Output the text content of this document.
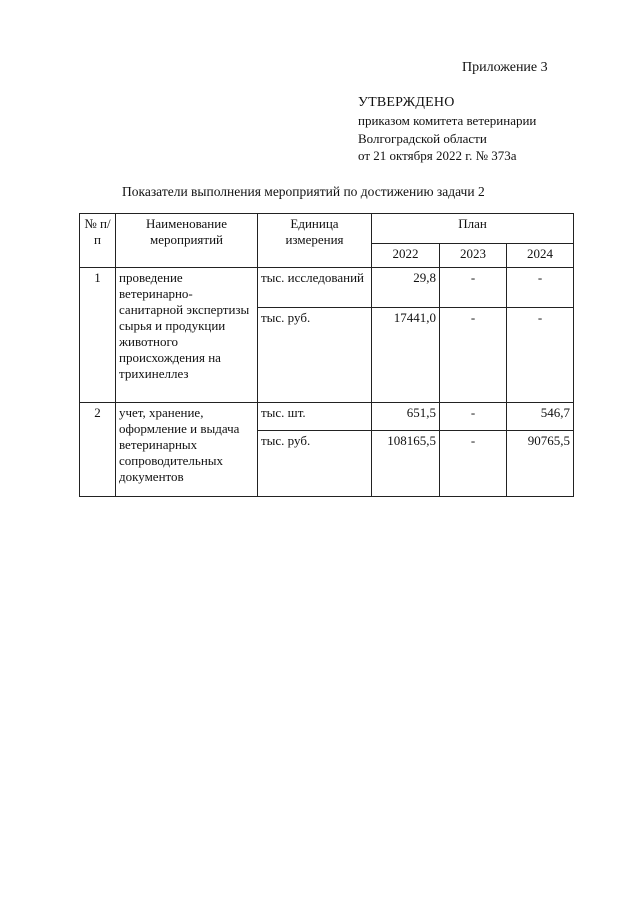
Приложение 3
УТВЕРЖДЕНО
приказом комитета ветеринарии
Волгоградской области
от 21 октября 2022 г. № 373а
Показатели выполнения мероприятий по достижению задачи 2
№ п/п	Наименование мероприятий	Единица измерения	План		
			2022	2023	2024
1	проведение ветеринарно-санитарной экспертизы сырья и продукции животного происхождения на трихинеллез	тыс. исследований	29,8	-	-
		тыс. руб.	17441,0	-	-
2	учет, хранение, оформление и выдача ветеринарных сопроводительных документов	тыс. шт.	651,5	-	546,7
		тыс. руб.	108165,5	-	90765,5
